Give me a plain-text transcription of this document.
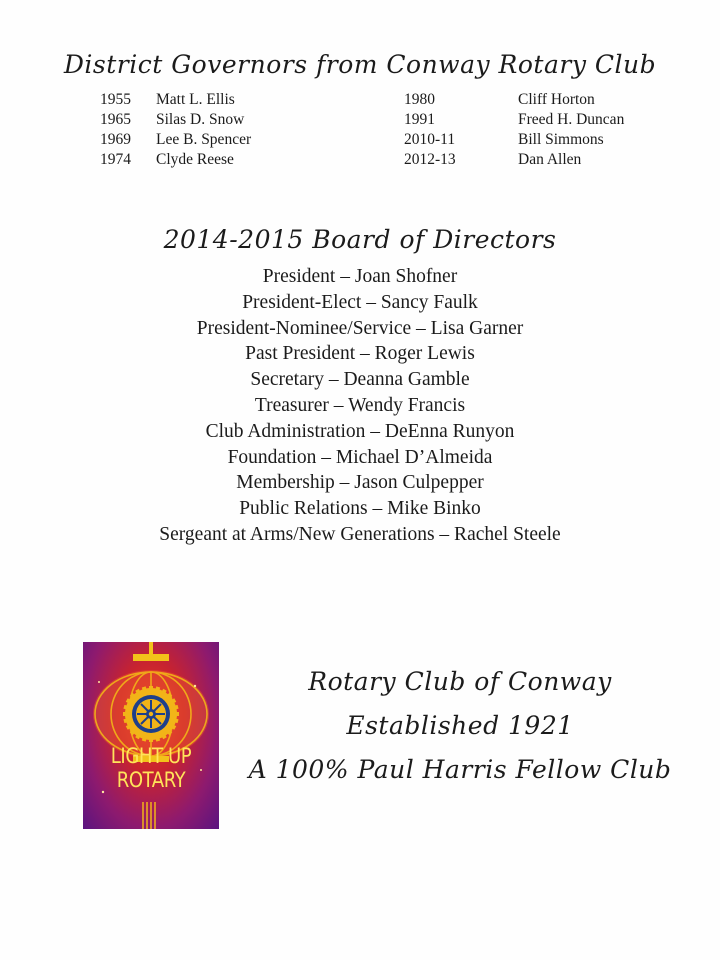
District Governors from Conway Rotary Club
1955 Matt L. Ellis	1980	Cliff Horton
1965 Silas D. Snow	1991	Freed H. Duncan
1969 Lee B. Spencer	2010-11	Bill Simmons
1974 Clyde Reese	2012-13	Dan Allen
2014-2015 Board of Directors
President – Joan Shofner
President-Elect – Sancy Faulk
President-Nominee/Service – Lisa Garner
Past President – Roger Lewis
Secretary – Deanna Gamble
Treasurer – Wendy Francis
Club Administration – DeEnna Runyon
Foundation – Michael D’Almeida
Membership – Jason Culpepper
Public Relations – Mike Binko
Sergeant at Arms/New Generations – Rachel Steele
LIGHT UP
ROTARY
Rotary Club of Conway
Established 1921
A 100% Paul Harris Fellow Club
